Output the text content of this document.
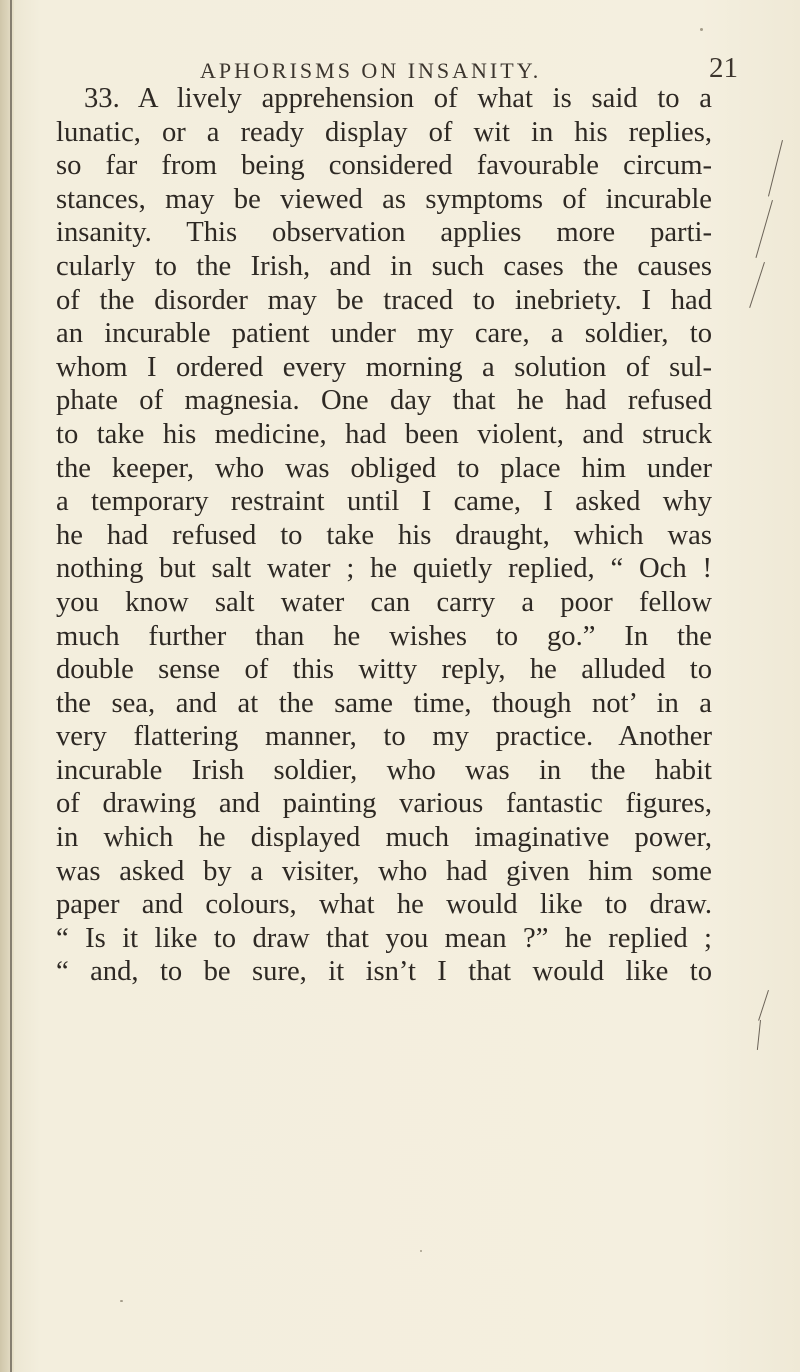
APHORISMS ON INSANITY.	21
33. A lively apprehension of what is said to a
lunatic, or a ready display of wit in his replies,
so far from being considered favourable circum-
stances, may be viewed as symptoms of incurable
insanity. This observation applies more parti-
cularly to the Irish, and in such cases the causes
of the disorder may be traced to inebriety. I had
an incurable patient under my care, a soldier, to
whom I ordered every morning a solution of sul-
phate of magnesia. One day that he had refused
to take his medicine, had been violent, and struck
the keeper, who was obliged to place him under
a temporary restraint until I came, I asked why
he had refused to take his draught, which was
nothing but salt water ; he quietly replied, “ Och !
you know salt water can carry a poor fellow
much further than he wishes to go.” In the
double sense of this witty reply, he alluded to
the sea, and at the same time, though not’ in a
very flattering manner, to my practice. Another
incurable Irish soldier, who was in the habit
of drawing and painting various fantastic figures,
in which he displayed much imaginative power,
was asked by a visiter, who had given him some
paper and colours, what he would like to draw.
“ Is it like to draw that you mean ?” he replied ;
“ and, to be sure, it isn’t I that would like to
